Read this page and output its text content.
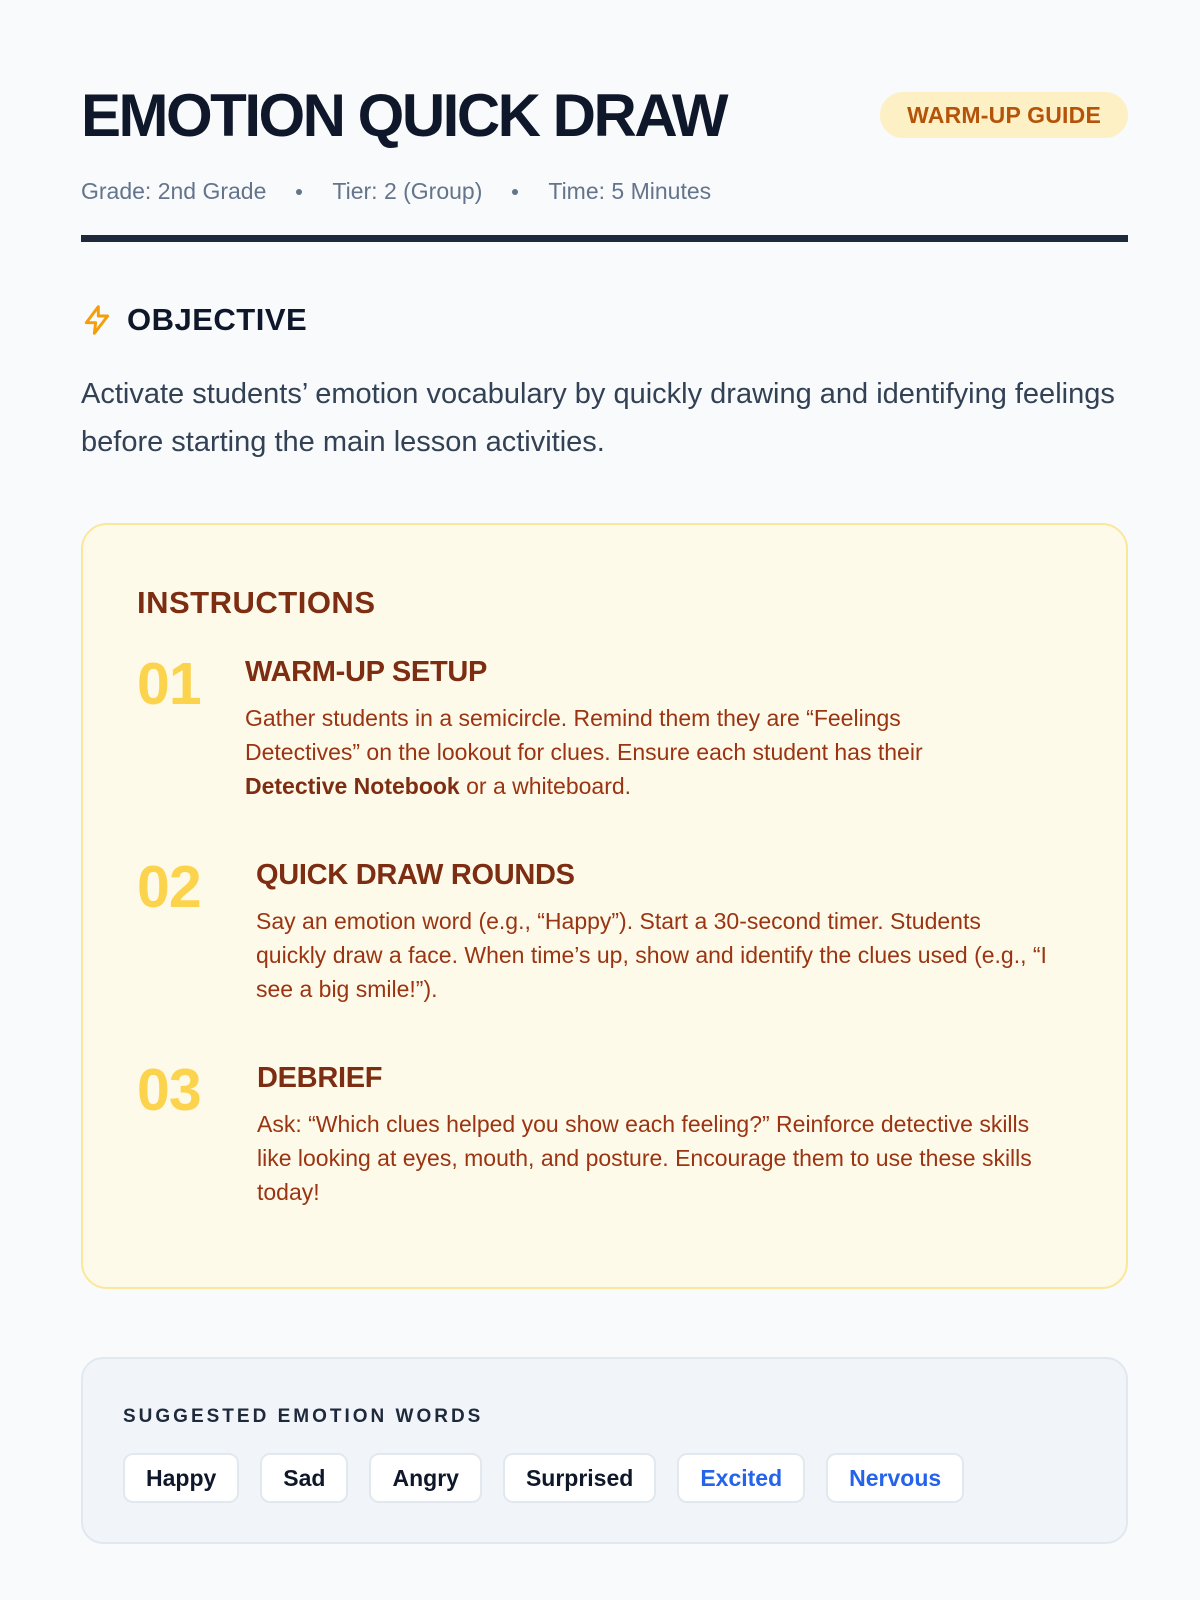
EMOTION QUICK DRAW	WARM-UP GUIDE
Grade: 2nd Grade	Tier: 2 (Group)	Time: 5 Minutes
OBJECTIVE

Activate students’ emotion vocabulary by quickly drawing and identifying feelings before starting the main lesson activities.

INSTRUCTIONS
01 WARM-UP SETUP
Gather students in a semicircle. Remind them they are “Feelings Detectives” on the lookout for clues. Ensure each student has their Detective Notebook or a whiteboard.
02 QUICK DRAW ROUNDS
Say an emotion word (e.g., “Happy”). Start a 30-second timer. Students quickly draw a face. When time’s up, show and identify the clues used (e.g., “I see a big smile!”).
03 DEBRIEF
Ask: “Which clues helped you show each feeling?” Reinforce detective skills like looking at eyes, mouth, and posture. Encourage them to use these skills today!
SUGGESTED EMOTION WORDS
Happy	Sad	Angry	Surprised	Excited	Nervous
